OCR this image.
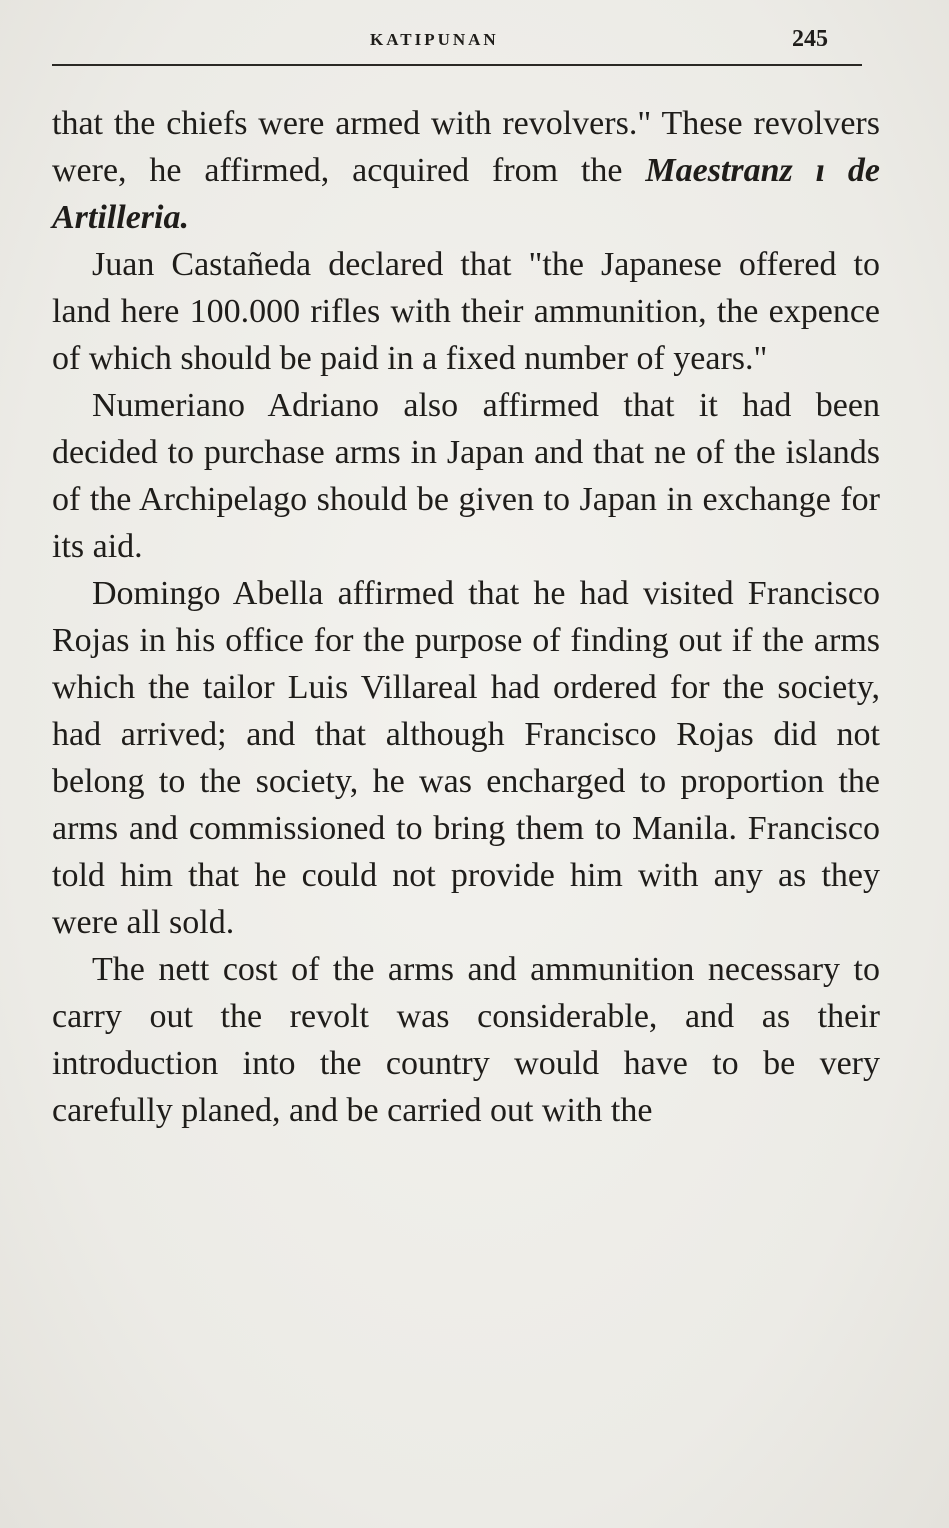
KATIPUNAN	245

that the chiefs were armed with revolvers." These revolvers were, he affirmed, acquired from the Maestranz ı de Artilleria.

Juan Castañeda declared that "the Japanese offered to land here 100.000 rifles with their ammunition, the expence of which should be paid in a fixed number of years."

Numeriano Adriano also affirmed that it had been decided to purchase arms in Japan and that ne of the islands of the Archipelago should be given to Japan in exchange for its aid.

Domingo Abella affirmed that he had visited Francisco Rojas in his office for the purpose of finding out if the arms which the tailor Luis Villareal had ordered for the society, had arrived; and that although Francisco Rojas did not belong to the society, he was encharged to proportion the arms and commissioned to bring them to Manila. Francisco told him that he could not provide him with any as they were all sold.

The nett cost of the arms and ammunition necessary to carry out the revolt was considerable, and as their introduction into the country would have to be very carefully planed, and be carried out with the
